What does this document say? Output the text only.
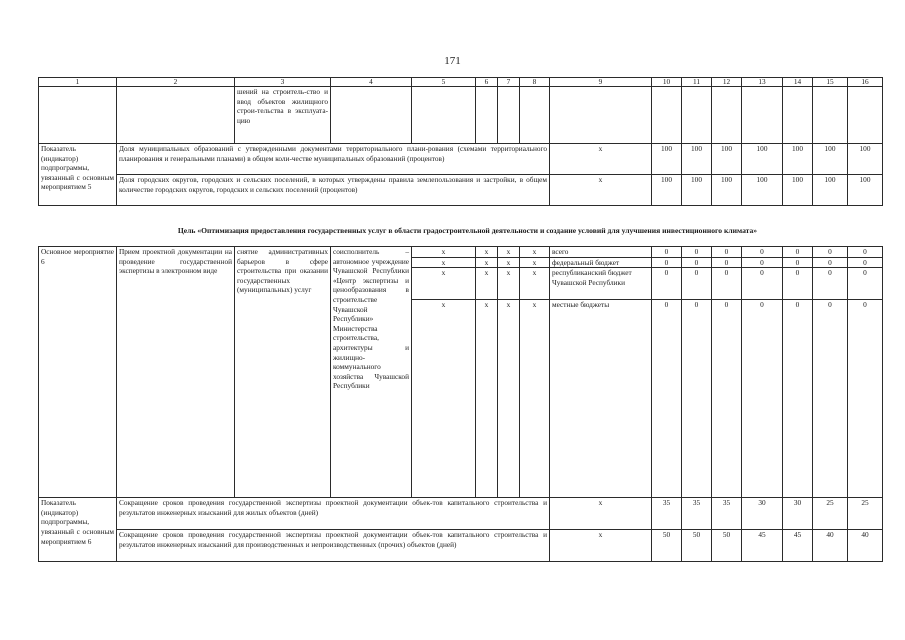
171
1	2	3	4	5	6	7	8	9	10	11	12	13	14	15	16
		шений на строитель-ство и ввод объектов жилищного строи-тельства в эксплуата-цию													
Показатель (индикатор) подпрограммы, увязанный с основным мероприятием 5	Доля муниципальных образований с утвержденными документами территориального плани-рования (схемами территориального планирования и генеральными планами) в общем коли-честве муниципальных образований (процентов)							х	100	100	100	100	100	100	100
	Доля городских округов, городских и сельских поселений, в которых утверждены правила землепользования и застройки, в общем количестве городских округов, городских и сельских поселений (процентов)							х	100	100	100	100	100	100	100
Цель «Оптимизация предоставления государственных услуг в области градостроительной деятельности и создание условий для улучшения инвестиционного климата»
Основное мероприятие 6	Прием проектной документации на проведение государственной экспертизы в электронном виде	снятие административных барьеров в сфере строительства при оказании государственных (муниципальных) услуг	соисполнитель – автономное учреждение Чувашской Республики «Центр экспертизы и ценообразования в строительстве Чувашской Республики» Министерства строительства, архитектуры и жилищно-коммунального хозяйства Чувашской Республики	х	х	х	х	всего	0	0	0	0	0	0	0
				х	х	х	х	федеральный бюджет	0	0	0	0	0	0	0
				х	х	х	х	республиканский бюджет Чувашской Республики	0	0	0	0	0	0	0
				х	х	х	х	местные бюджеты	0	0	0	0	0	0	0
Показатель (индикатор) подпрограммы, увязанный с основным мероприятием 6	Сокращение сроков проведения государственной экспертизы проектной документации объек-тов капитального строительства и результатов инженерных изысканий для жилых объектов (дней)							х	35	35	35	30	30	25	25
	Сокращение сроков проведения государственной экспертизы проектной документации объек-тов капитального строительства и результатов инженерных изысканий для производственных и непроизводственных (прочих) объектов (дней)							х	50	50	50	45	45	40	40
